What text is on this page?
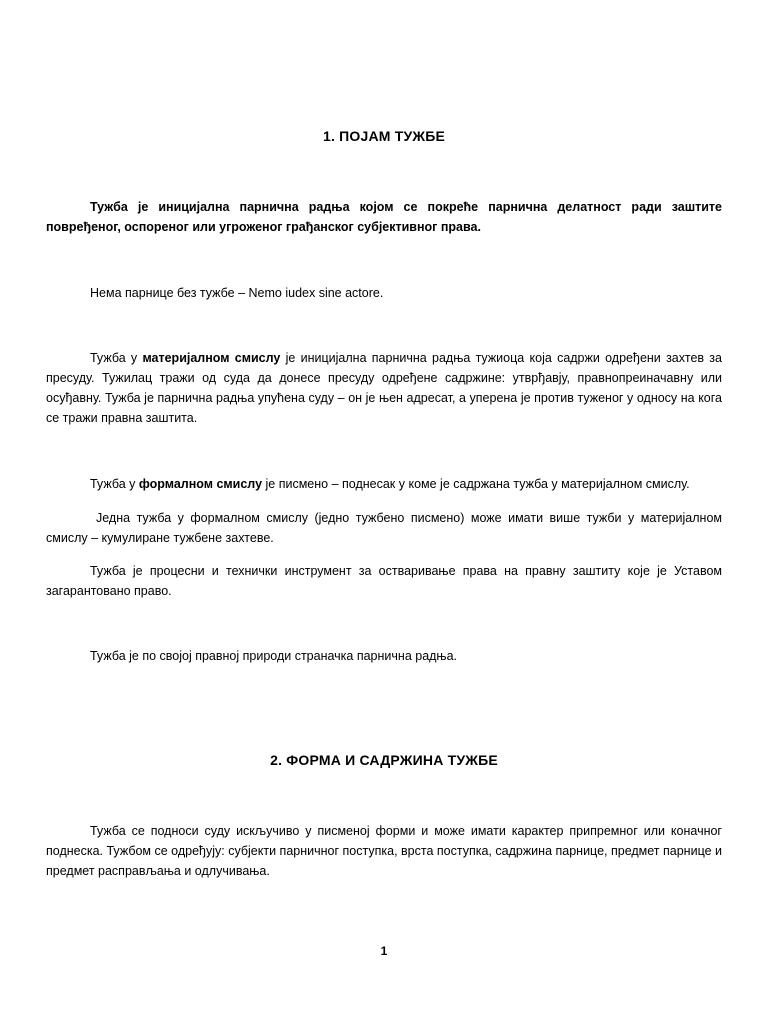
1. ПОЈАМ ТУЖБЕ

Тужба је иницијална парнична радња којом се покреће парнична делатност ради заштите повређеног, оспореног или угроженог грађанског субјективног права.

Нема парнице без тужбе – Nemo iudex sine actore.

Тужба у материјалном смислу је иницијална парнична радња тужиоца која садржи одређени захтев за пресуду. Тужилац тражи од суда да донесе пресуду одређене садржине: утврђавју, правнопреиначавну или осуђавну. Тужба је парнична радња упућена суду – он је њен адресат, а уперена је против туженог у односу на кога се тражи правна заштита.

Тужба у формалном смислу је писмено – поднесак у коме је садржана тужба у материјалном смислу.

Једна тужба у формалном смислу (једно тужбено писмено) може имати више тужби у материјалном смислу – кумулиране тужбене захтеве.

Тужба је процесни и технички инструмент за остваривање права на правну заштиту које је Уставом загарантовано право.

Тужба је по својој правној природи страначка парнична радња.

2. ФОРМА И САДРЖИНА ТУЖБЕ

Тужба се подноси суду искључиво у писменој форми и може имати карактер припремног или коначног поднеска. Тужбом се одређују: субјекти парничног поступка, врста поступка, садржина парнице, предмет парнице и предмет расправљања и одлучивања.

1
